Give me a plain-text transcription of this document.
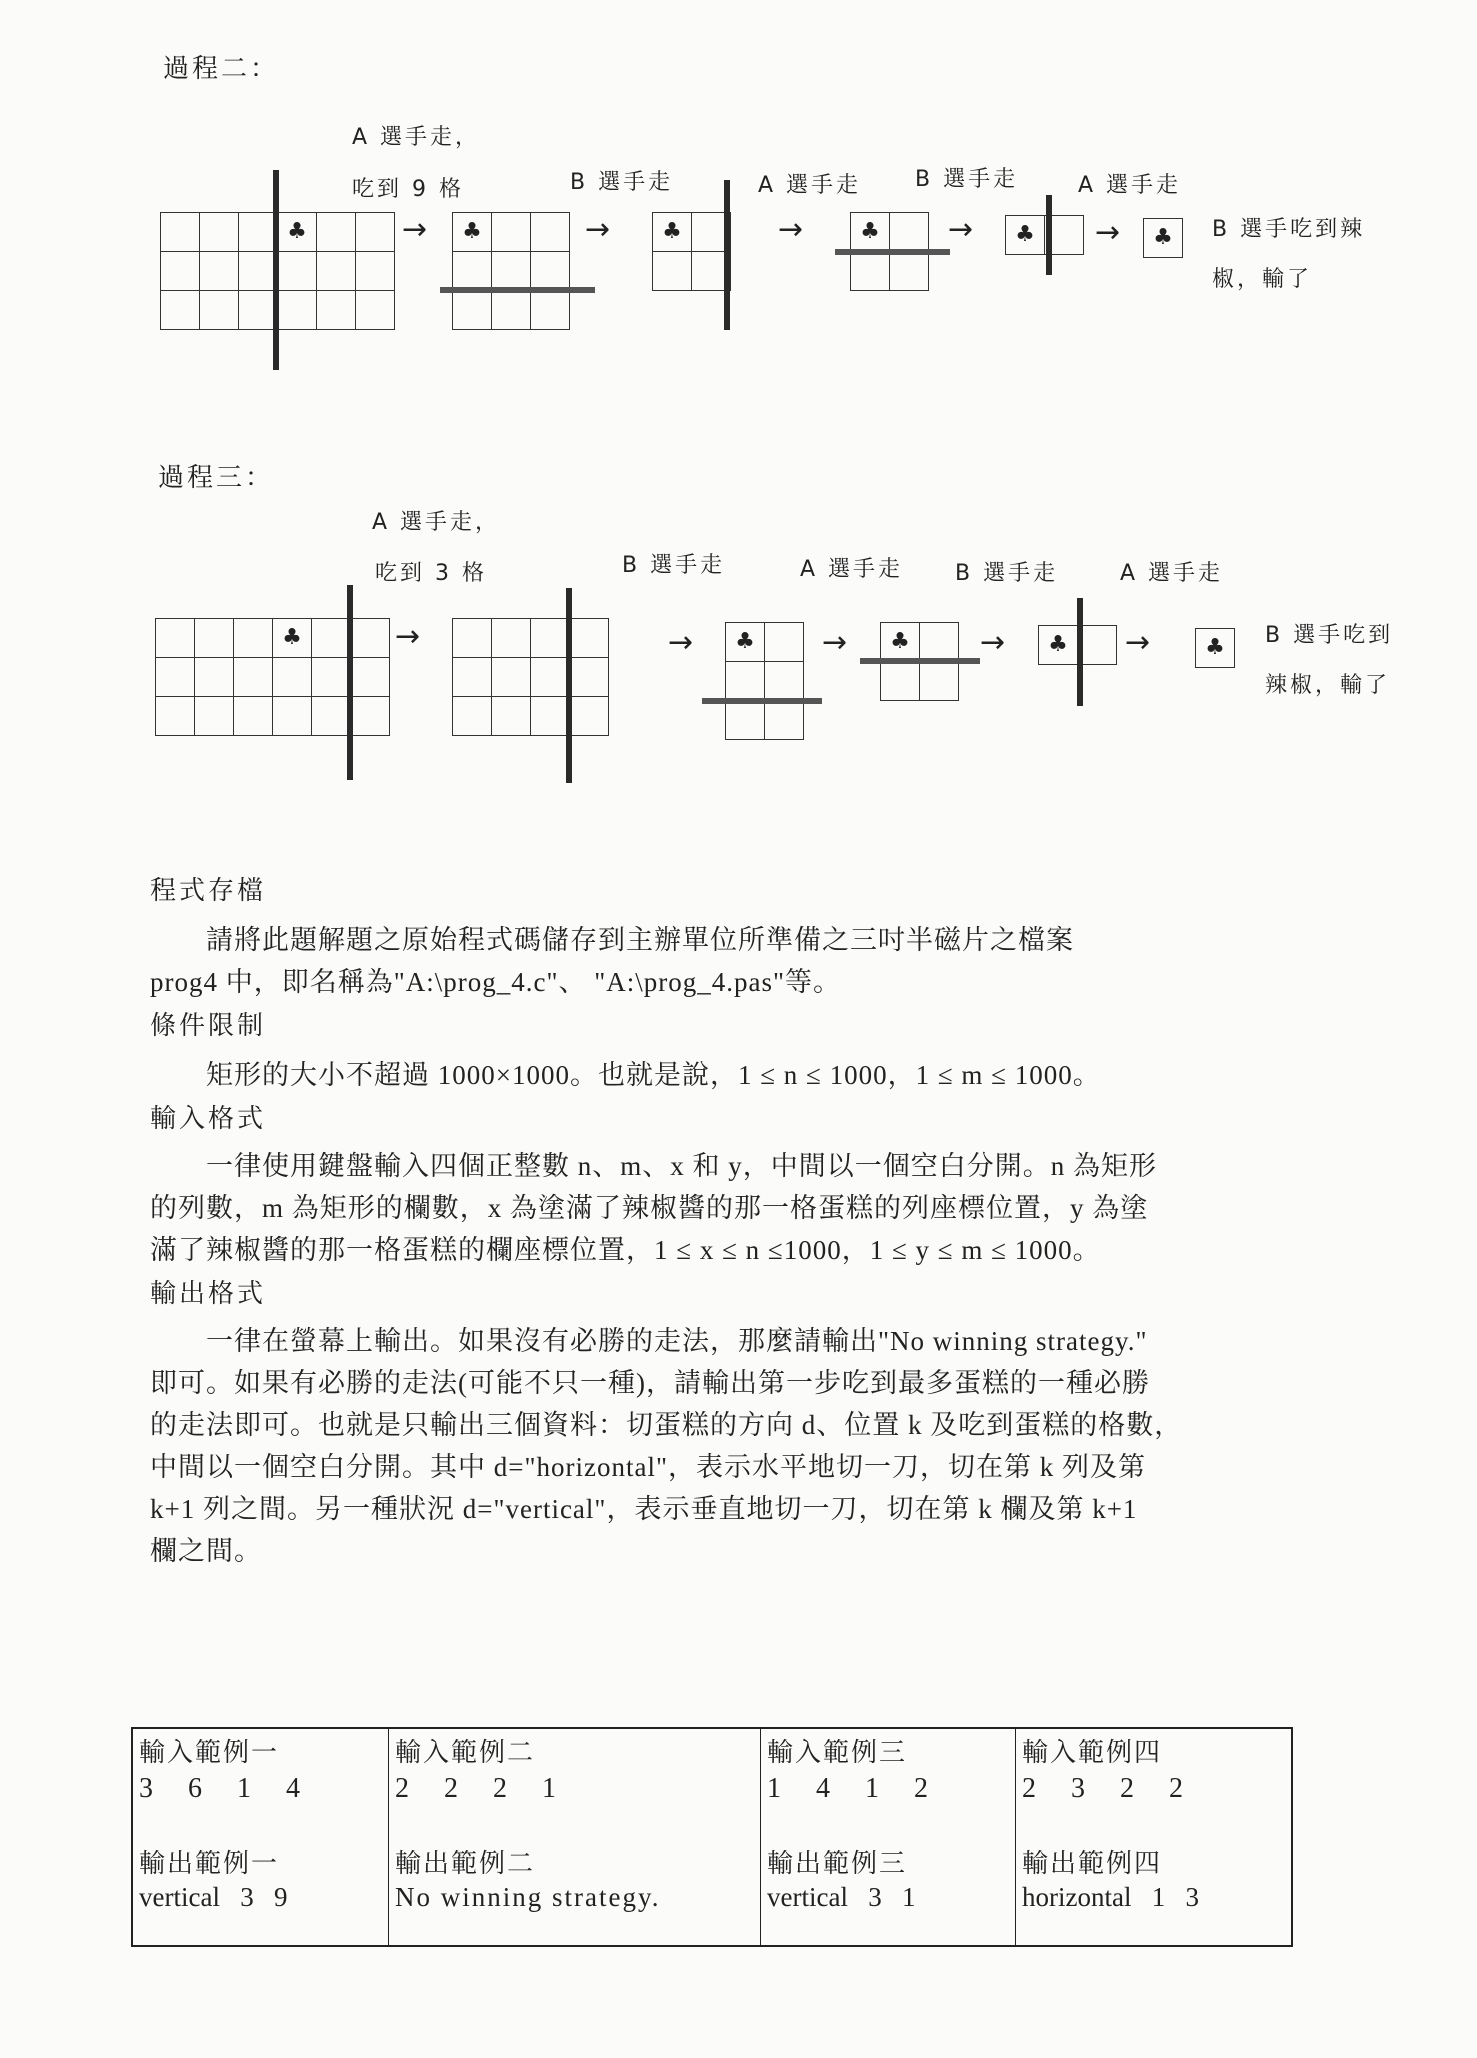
過程二：
A 選手走，
吃到 9 格	B 選手走	A 選手走 B 選手走	A 選手走
B 選手吃到辣
椒，輸了
			♣		

						→ ♣		

			→ ♣	
		→	♣	
	→ ♣	→ ♣
過程三：
A 選手走，
吃到 3 格	B 選手走	A 選手走 B 選手走	A 選手走
B 選手吃到
辣椒，輸了
			♣		

						→

				→ ♣	

	→ ♣	
	→ ♣	→ ♣
程式存檔
請將此題解題之原始程式碼儲存到主辦單位所準備之三吋半磁片之檔案
prog4 中，即名稱為"A:\prog_4.c"、 "A:\prog_4.pas"等。
條件限制
矩形的大小不超過 1000×1000。也就是說，1 ≤ n ≤ 1000，1 ≤ m ≤ 1000。
輸入格式
一律使用鍵盤輸入四個正整數 n、m、x 和 y，中間以一個空白分開。n 為矩形
的列數，m 為矩形的欄數，x 為塗滿了辣椒醬的那一格蛋糕的列座標位置，y 為塗
滿了辣椒醬的那一格蛋糕的欄座標位置，1 ≤ x ≤ n ≤1000，1 ≤ y ≤ m ≤ 1000。
輸出格式
一律在螢幕上輸出。如果沒有必勝的走法，那麼請輸出"No winning strategy."
即可。如果有必勝的走法(可能不只一種)，請輸出第一步吃到最多蛋糕的一種必勝
的走法即可。也就是只輸出三個資料：切蛋糕的方向 d、位置 k 及吃到蛋糕的格數，
中間以一個空白分開。其中 d="horizontal"，表示水平地切一刀，切在第 k 列及第
k+1 列之間。另一種狀況 d="vertical"，表示垂直地切一刀，切在第 k 欄及第 k+1
欄之間。
輸入範例一
3 6 1 4
輸出範例一
vertical   3   9
輸入範例二
2 2 2 1
輸出範例二
No winning strategy.
輸入範例三
1 4 1 2
輸出範例三
vertical   3   1
輸入範例四
2 3 2 2
輸出範例四
horizontal   1   3
